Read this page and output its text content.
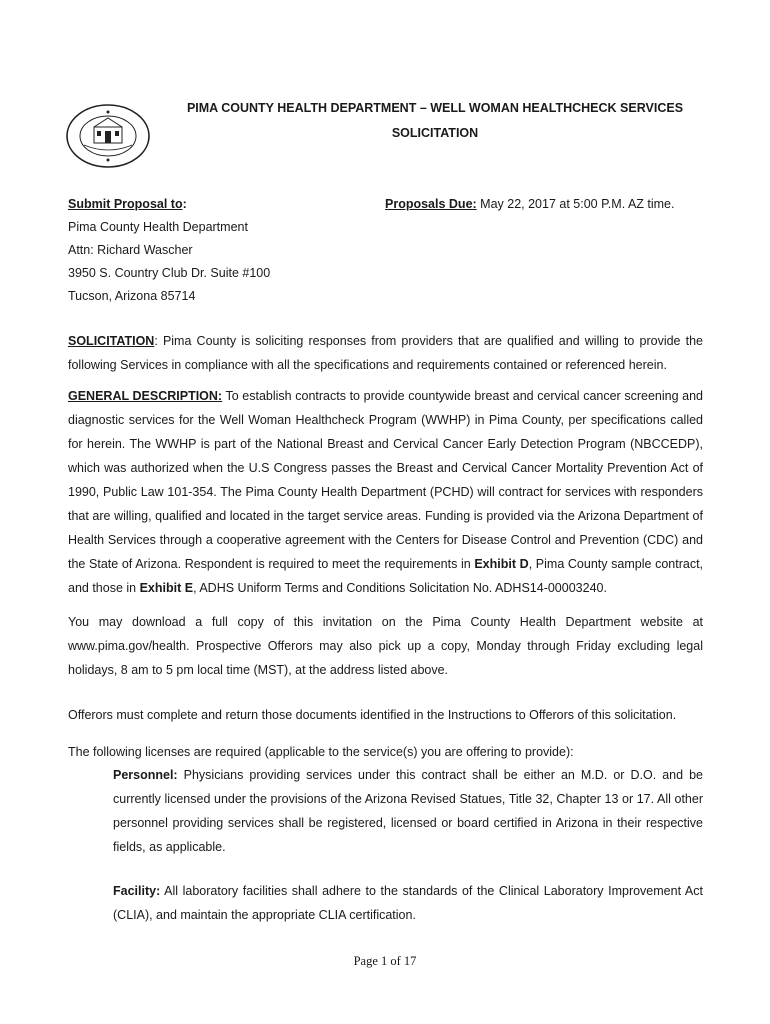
PIMA COUNTY HEALTH DEPARTMENT – WELL WOMAN HEALTHCHECK SERVICES
SOLICITATION
Submit Proposal to:	Proposals Due: May 22, 2017 at 5:00 P.M. AZ time.
Pima County Health Department
Attn: Richard Wascher
3950 S. Country Club Dr. Suite #100
Tucson, Arizona 85714
SOLICITATION: Pima County is soliciting responses from providers that are qualified and willing to provide the following Services in compliance with all the specifications and requirements contained or referenced herein.
GENERAL DESCRIPTION: To establish contracts to provide countywide breast and cervical cancer screening and diagnostic services for the Well Woman Healthcheck Program (WWHP) in Pima County, per specifications called for herein. The WWHP is part of the National Breast and Cervical Cancer Early Detection Program (NBCCEDP), which was authorized when the U.S Congress passes the Breast and Cervical Cancer Mortality Prevention Act of 1990, Public Law 101-354. The Pima County Health Department (PCHD) will contract for services with responders that are willing, qualified and located in the target service areas. Funding is provided via the Arizona Department of Health Services through a cooperative agreement with the Centers for Disease Control and Prevention (CDC) and the State of Arizona. Respondent is required to meet the requirements in Exhibit D, Pima County sample contract, and those in Exhibit E, ADHS Uniform Terms and Conditions Solicitation No. ADHS14-00003240.
You may download a full copy of this invitation on the Pima County Health Department website at www.pima.gov/health. Prospective Offerors may also pick up a copy, Monday through Friday excluding legal holidays, 8 am to 5 pm local time (MST), at the address listed above.
Offerors must complete and return those documents identified in the Instructions to Offerors of this solicitation.
The following licenses are required (applicable to the service(s) you are offering to provide):
Personnel: Physicians providing services under this contract shall be either an M.D. or D.O. and be currently licensed under the provisions of the Arizona Revised Statues, Title 32, Chapter 13 or 17. All other personnel providing services shall be registered, licensed or board certified in Arizona in their respective fields, as applicable.
Facility: All laboratory facilities shall adhere to the standards of the Clinical Laboratory Improvement Act (CLIA), and maintain the appropriate CLIA certification.
Page 1 of 17
